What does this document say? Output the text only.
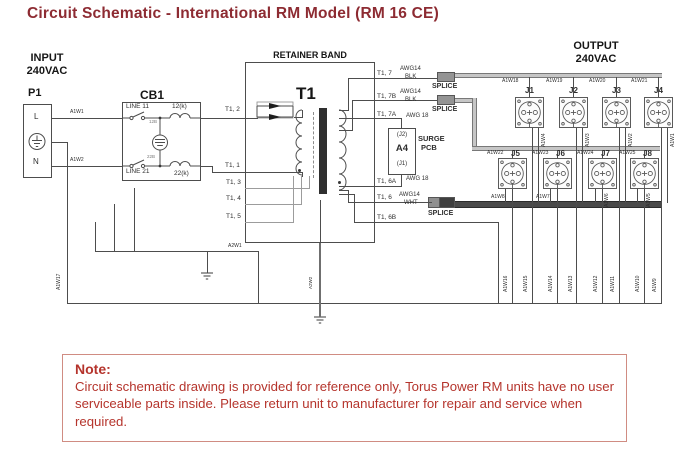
Circuit Schematic - International RM Model (RM 16 CE)
INPUT
240VAC
P1
L
N
CB1
LINE 11	12(k)
LINE 21	22(k)
RETAINER BAND
T1
(J2)
A4
(J1)
SURGE
PCB
OUTPUT
240VAC
Note:
Circuit schematic drawing is provided for reference only, Torus Power RM units have no user serviceable parts inside. Please return unit to manufacturer for repair and service when required.
A1W1
A1W2
A1W17
A2W1
A2W2
12B
22B
T1, 2
T1, 1
T1, 3
T1, 4
T1, 5
T1, 7
T1, 7B
T1, 7A
T1, 6A
T1, 6
T1, 6B
AWG14
BLK
AWG14
BLK
AWG 18
AWG 18
AWG14
WHT
SPLICE
SPLICE
SPLICE
A1W18	A1W19	A1W20	A1W21
J1	J2	J3	J4
A1W4	A1W3	A1W2	A1W1
A1W22	A1W23	A1W24	A1W25
J5	J6	J7	J8
A1W8	A1W7	A1W6	A1W5
A1W16	A1W15	A1W14	A1W13	A1W12 A1W11	A1W10 A1W9
